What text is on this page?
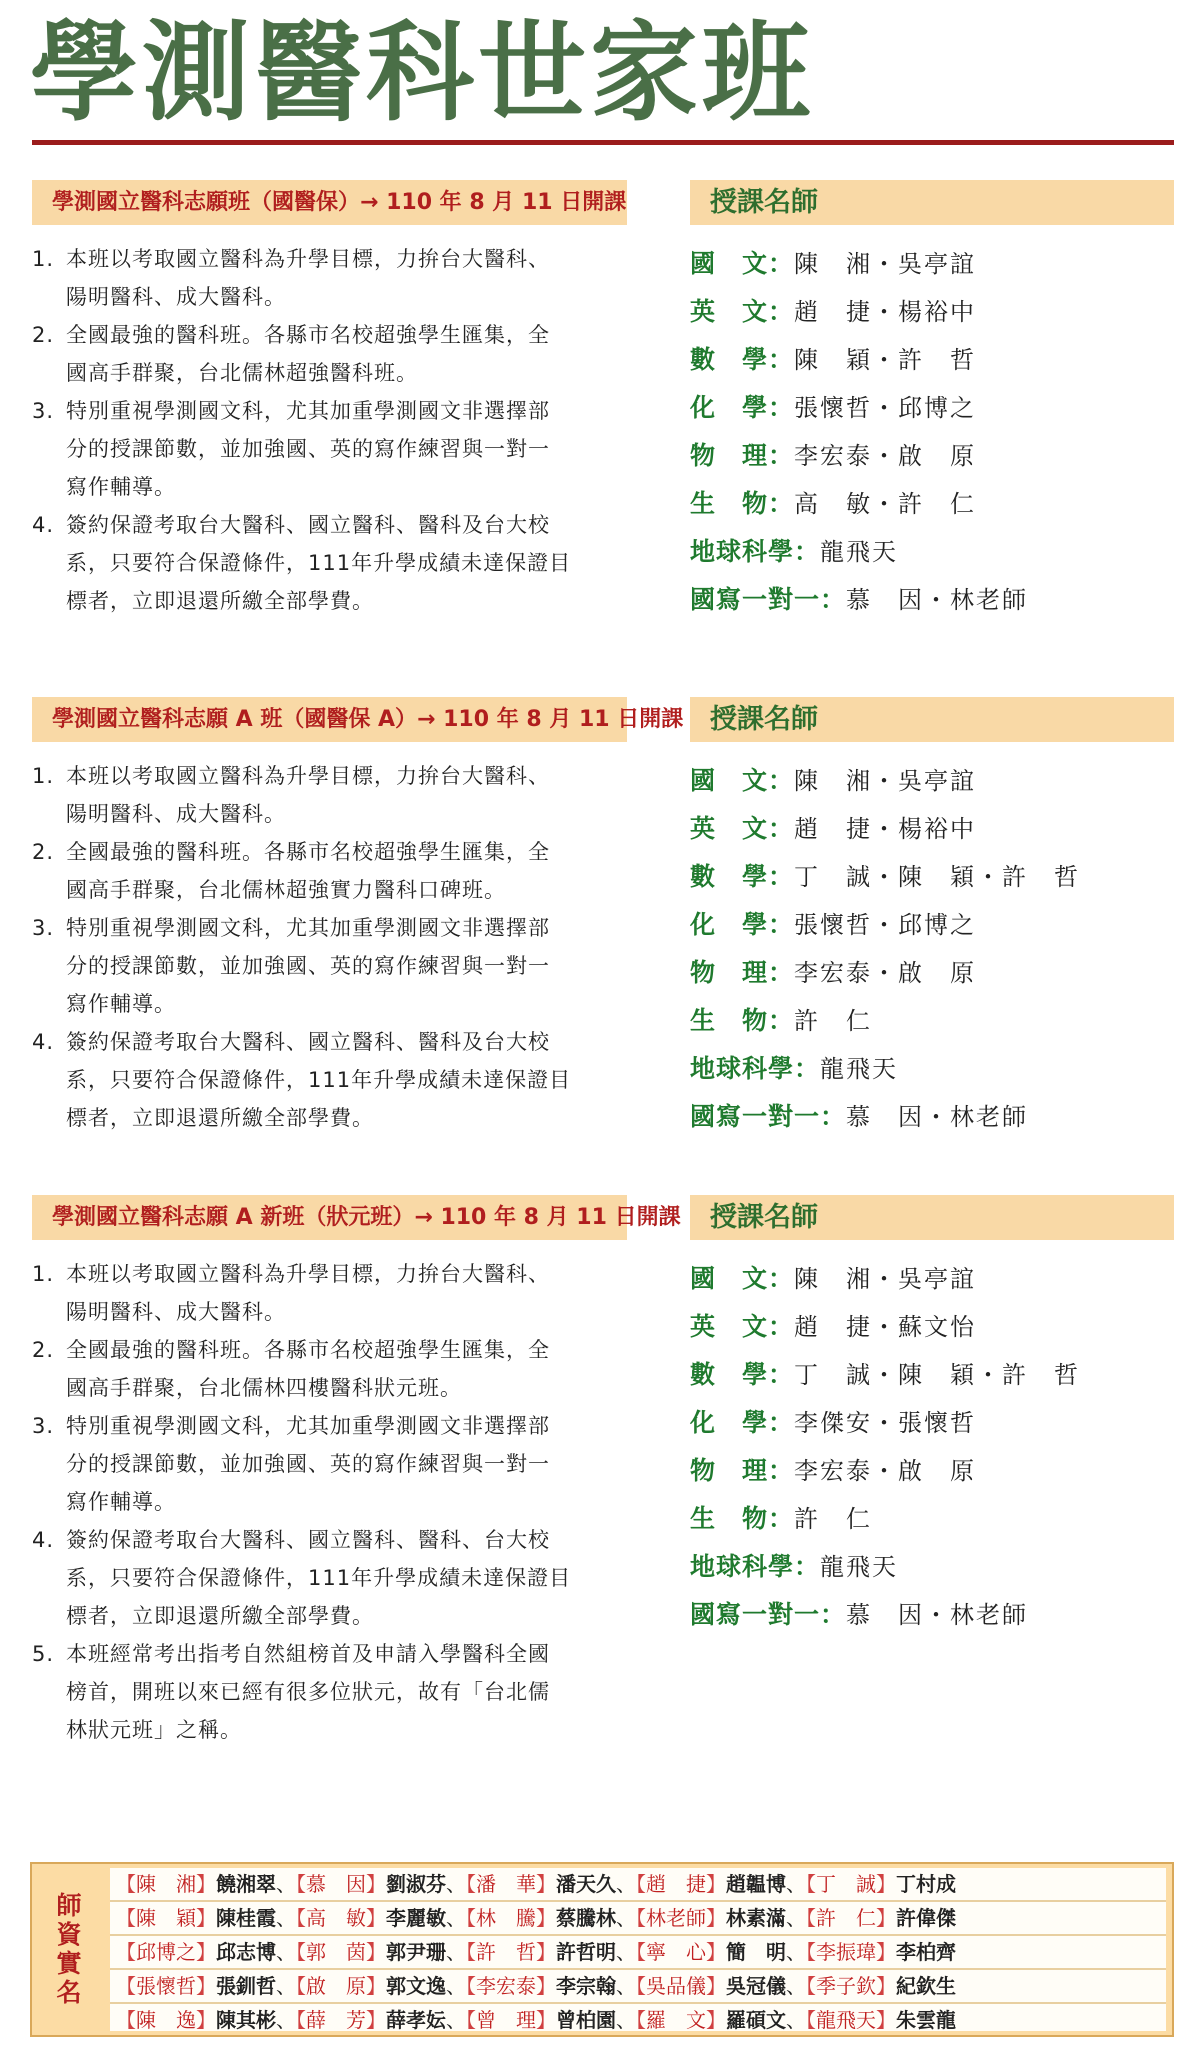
學測醫科世家班
學測國立醫科志願班（國醫保）→ 110 年 8 月 11 日開課	授課名師
1. 本班以考取國立醫科為升學目標，力拚台大醫科、
陽明醫科、成大醫科。
2. 全國最強的醫科班。各縣市名校超強學生匯集，全
國高手群聚，台北儒林超強醫科班。
3. 特別重視學測國文科，尤其加重學測國文非選擇部
分的授課節數，並加強國、英的寫作練習與一對一
寫作輔導。
4. 簽約保證考取台大醫科、國立醫科、醫科及台大校
系，只要符合保證條件，111年升學成績未達保證目
標者，立即退還所繳全部學費。
國　文： 陳　湘・吳亭誼
英　文： 趙　捷・楊裕中
數　學： 陳　穎・許　哲
化　學： 張懷哲・邱博之
物　理： 李宏泰・啟　原
生　物： 高　敏・許　仁
地球科學： 龍飛天
國寫一對一： 慕　因・林老師
學測國立醫科志願 A 班（國醫保 A）→ 110 年 8 月 11 日開課 授課名師
1. 本班以考取國立醫科為升學目標，力拚台大醫科、
陽明醫科、成大醫科。
2. 全國最強的醫科班。各縣市名校超強學生匯集，全
國高手群聚，台北儒林超強實力醫科口碑班。
3. 特別重視學測國文科，尤其加重學測國文非選擇部
分的授課節數，並加強國、英的寫作練習與一對一
寫作輔導。
4. 簽約保證考取台大醫科、國立醫科、醫科及台大校
系，只要符合保證條件，111年升學成績未達保證目
標者，立即退還所繳全部學費。
國　文： 陳　湘・吳亭誼
英　文： 趙　捷・楊裕中
數　學： 丁　誠・陳　穎・許　哲
化　學： 張懷哲・邱博之
物　理： 李宏泰・啟　原
生　物： 許　仁
地球科學： 龍飛天
國寫一對一： 慕　因・林老師
學測國立醫科志願 A 新班（狀元班）→ 110 年 8 月 11 日開課	授課名師
1. 本班以考取國立醫科為升學目標，力拚台大醫科、
陽明醫科、成大醫科。
2. 全國最強的醫科班。各縣市名校超強學生匯集，全
國高手群聚，台北儒林四樓醫科狀元班。
3. 特別重視學測國文科，尤其加重學測國文非選擇部
分的授課節數，並加強國、英的寫作練習與一對一
寫作輔導。
4. 簽約保證考取台大醫科、國立醫科、醫科、台大校
系，只要符合保證條件，111年升學成績未達保證目
標者，立即退還所繳全部學費。
5. 本班經常考出指考自然組榜首及申請入學醫科全國
榜首，開班以來已經有很多位狀元，故有「台北儒
林狀元班」之稱。
國　文： 陳　湘・吳亭誼
英　文： 趙　捷・蘇文怡
數　學： 丁　誠・陳　穎・許　哲
化　學： 李傑安・張懷哲
物　理： 李宏泰・啟　原
生　物： 許　仁
地球科學： 龍飛天
國寫一對一： 慕　因・林老師
師資實名
【陳　湘】饒湘翠、【慕　因】劉淑芬、【潘　華】潘天久、【趙　捷】趙韞博、【丁　誠】丁村成
【陳　穎】陳桂霞、【高　敏】李麗敏、【林　騰】蔡騰林、【林老師】林素滿、【許　仁】許偉傑
【邱博之】邱志博、【郭　茵】郭尹珊、【許　哲】許哲明、【寧　心】簡　明、【李振瑋】李柏齊
【張懷哲】張釧哲、【啟　原】郭文逸、【李宏泰】李宗翰、【吳品儀】吳冠儀、【季子欽】紀欽生
【陳　逸】陳其彬、【薛　芳】薛孝妘、【曾　理】曾柏園、【羅　文】羅碩文、【龍飛天】朱雲龍
